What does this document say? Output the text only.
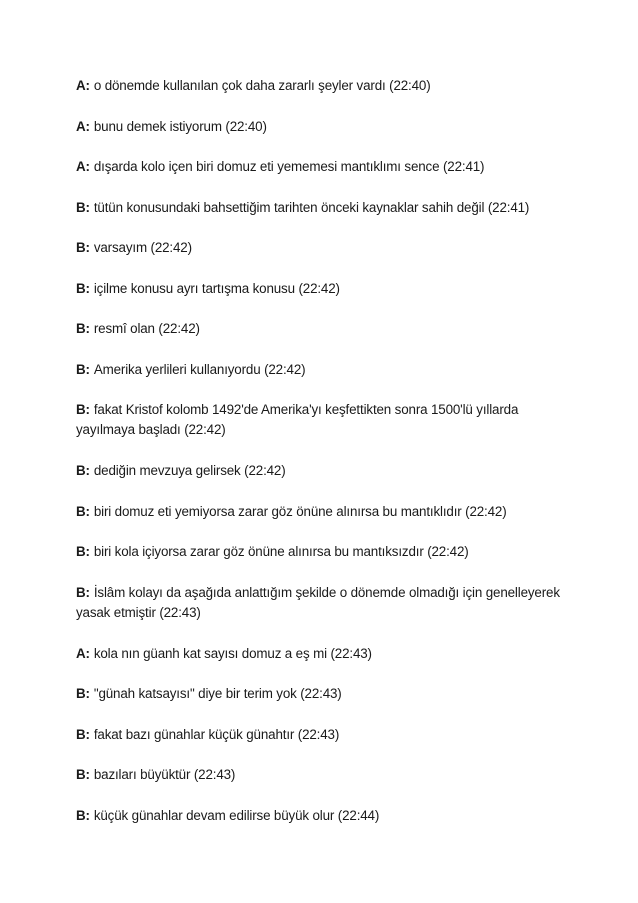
A: o dönemde kullanılan çok daha zararlı şeyler vardı (22:40)

A: bunu demek istiyorum (22:40)

A: dışarda kolo içen biri domuz eti yememesi mantıklımı sence (22:41)

B: tütün konusundaki bahsettiğim tarihten önceki kaynaklar sahih değil (22:41)

B: varsayım (22:42)

B: içilme konusu ayrı tartışma konusu (22:42)

B: resmî olan (22:42)

B: Amerika yerlileri kullanıyordu (22:42)

B: fakat Kristof kolomb 1492'de Amerika'yı keşfettikten sonra 1500'lü yıllarda yayılmaya başladı (22:42)

B: dediğin mevzuya gelirsek (22:42)

B: biri domuz eti yemiyorsa zarar göz önüne alınırsa bu mantıklıdır (22:42)

B: biri kola içiyorsa zarar göz önüne alınırsa bu mantıksızdır (22:42)

B: İslâm kolayı da aşağıda anlattığım şekilde o dönemde olmadığı için genelleyerek yasak etmiştir (22:43)

A: kola nın güanh kat sayısı domuz a eş mi (22:43)

B: "günah katsayısı" diye bir terim yok (22:43)

B: fakat bazı günahlar küçük günahtır (22:43)

B: bazıları büyüktür (22:43)

B: küçük günahlar devam edilirse büyük olur (22:44)
